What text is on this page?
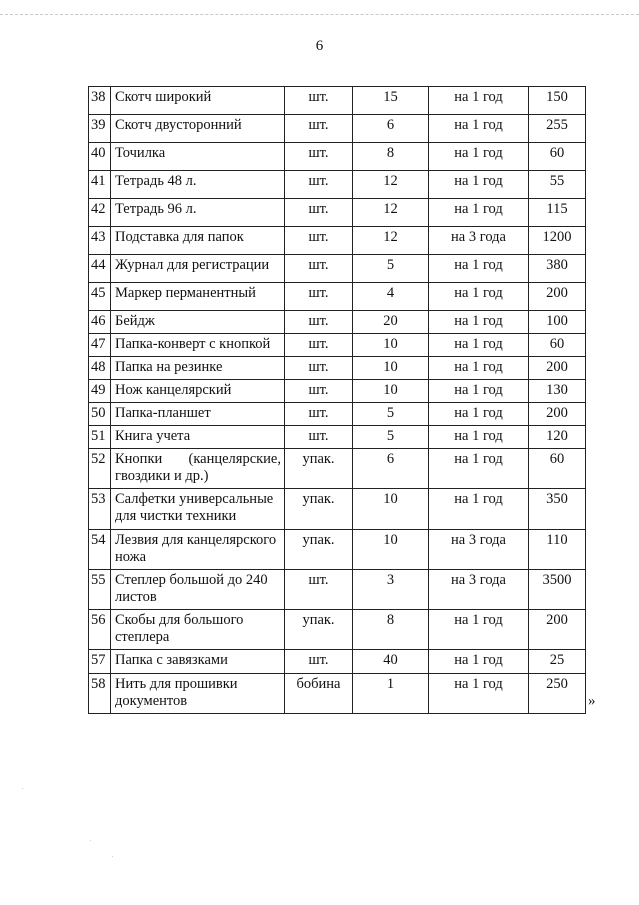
6
38	Скотч широкий	шт.	15	на 1 год	150
39	Скотч двусторонний	шт.	6	на 1 год	255
40	Точилка	шт.	8	на 1 год	60
41	Тетрадь 48 л.	шт.	12	на 1 год	55
42	Тетрадь 96 л.	шт.	12	на 1 год	115
43	Подставка для папок	шт.	12	на 3 года	1200
44	Журнал для регистрации	шт.	5	на 1 год	380
45	Маркер перманентный	шт.	4	на 1 год	200
46	Бейдж	шт.	20	на 1 год	100
47	Папка-конверт с кнопкой	шт.	10	на 1 год	60
48	Папка на резинке	шт.	10	на 1 год	200
49	Нож канцелярский	шт.	10	на 1 год	130
50	Папка-планшет	шт.	5	на 1 год	200
51	Книга учета	шт.	5	на 1 год	120
52	Кнопки (канцелярские, гвоздики и др.)	упак.	6	на 1 год	60
53	Салфетки универсальные для чистки техники	упак.	10	на 1 год	350
54	Лезвия для канцелярского ножа	упак.	10	на 3 года	110
55	Степлер большой до 240 листов	шт.	3	на 3 года	3500
56	Скобы для большого степлера	упак.	8	на 1 год	200
57	Папка с завязками	шт.	40	на 1 год	25
58	Нить для прошивки документов	бобина	1	на 1 год	250
»
